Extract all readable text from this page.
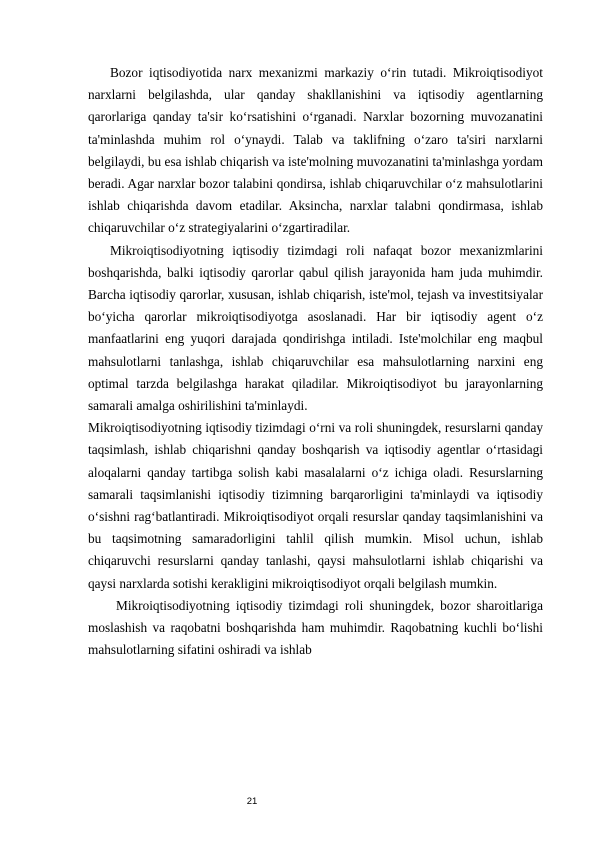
Bozor iqtisodiyotida narx mexanizmi markaziy o‘rin tutadi. Mikroiqtisodiyot narxlarni belgilashda, ular qanday shakllanishini va iqtisodiy agentlarning qarorlariga qanday ta'sir ko‘rsatishini o‘rganadi. Narxlar bozorning muvozanatini ta'minlashda muhim rol o‘ynaydi. Talab va taklifning o‘zaro ta'siri narxlarni belgilaydi, bu esa ishlab chiqarish va iste'molning muvozanatini ta'minlashga yordam beradi. Agar narxlar bozor talabini qondirsa, ishlab chiqaruvchilar o‘z mahsulotlarini ishlab chiqarishda davom etadilar. Aksincha, narxlar talabni qondirmasa, ishlab chiqaruvchilar o‘z strategiyalarini o‘zgartiradilar.

Mikroiqtisodiyotning iqtisodiy tizimdagi roli nafaqat bozor mexanizmlarini boshqarishda, balki iqtisodiy qarorlar qabul qilish jarayonida ham juda muhimdir. Barcha iqtisodiy qarorlar, xususan, ishlab chiqarish, iste'mol, tejash va investitsiyalar bo‘yicha qarorlar mikroiqtisodiyotga asoslanadi. Har bir iqtisodiy agent o‘z manfaatlarini eng yuqori darajada qondirishga intiladi. Iste'molchilar eng maqbul mahsulotlarni tanlashga, ishlab chiqaruvchilar esa mahsulotlarning narxini eng optimal tarzda belgilashga harakat qiladilar. Mikroiqtisodiyot bu jarayonlarning samarali amalga oshirilishini ta'minlaydi.

Mikroiqtisodiyotning iqtisodiy tizimdagi o‘rni va roli shuningdek, resurslarni qanday taqsimlash, ishlab chiqarishni qanday boshqarish va iqtisodiy agentlar o‘rtasidagi aloqalarni qanday tartibga solish kabi masalalarni o‘z ichiga oladi. Resurslarning samarali taqsimlanishi iqtisodiy tizimning barqarorligini ta'minlaydi va iqtisodiy o‘sishni rag‘batlantiradi. Mikroiqtisodiyot orqali resurslar qanday taqsimlanishini va bu taqsimotning samaradorligini tahlil qilish mumkin. Misol uchun, ishlab chiqaruvchi resurslarni qanday tanlashi, qaysi mahsulotlarni ishlab chiqarishi va qaysi narxlarda sotishi kerakligini mikroiqtisodiyot orqali belgilash mumkin.

Mikroiqtisodiyotning iqtisodiy tizimdagi roli shuningdek, bozor sharoitlariga moslashish va raqobatni boshqarishda ham muhimdir. Raqobatning kuchli bo‘lishi mahsulotlarning sifatini oshiradi va ishlab

21
